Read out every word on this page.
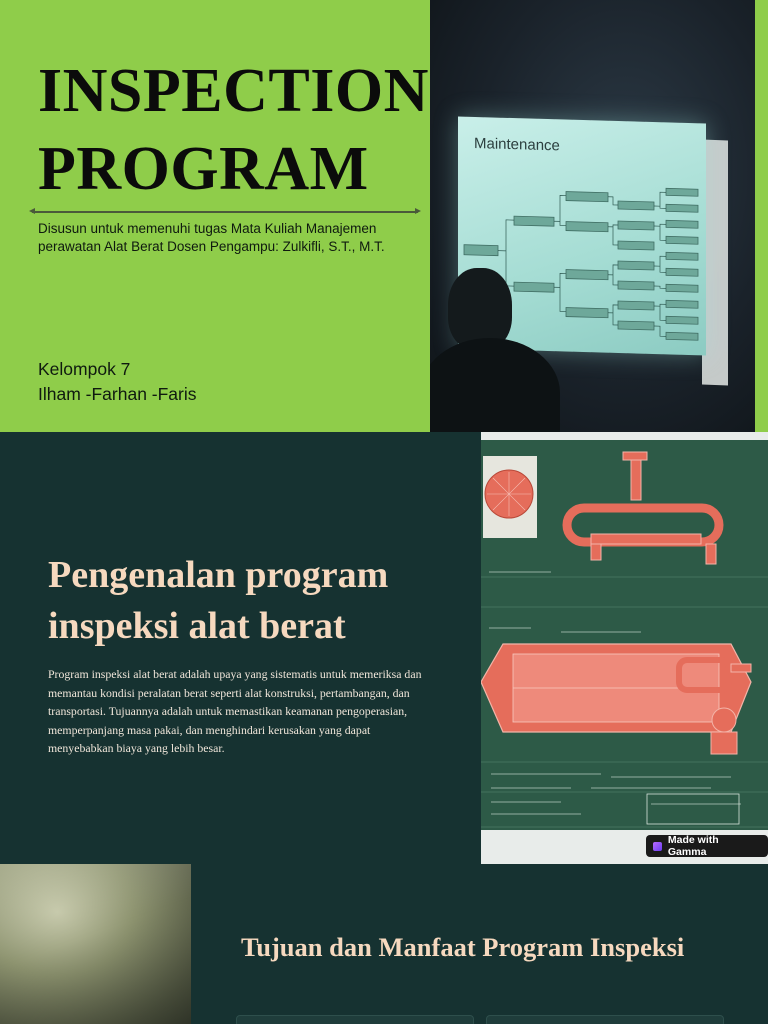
INSPECTION
PROGRAM

Disusun untuk memenuhi tugas Mata Kuliah Manajemen perawatan Alat Berat Dosen Pengampu: Zulkifli, S.T., M.T.

Kelompok 7
Ilham -Farhan -Faris
Maintenance
Pengenalan program inspeksi alat berat

Program inspeksi alat berat adalah upaya yang sistematis untuk memeriksa dan memantau kondisi peralatan berat seperti alat konstruksi, pertambangan, dan transportasi. Tujuannya adalah untuk memastikan keamanan pengoperasian, memperpanjang masa pakai, dan menghindari kerusakan yang dapat menyebabkan biaya yang lebih besar.

Made with Gamma
Tujuan dan Manfaat Program Inspeksi
